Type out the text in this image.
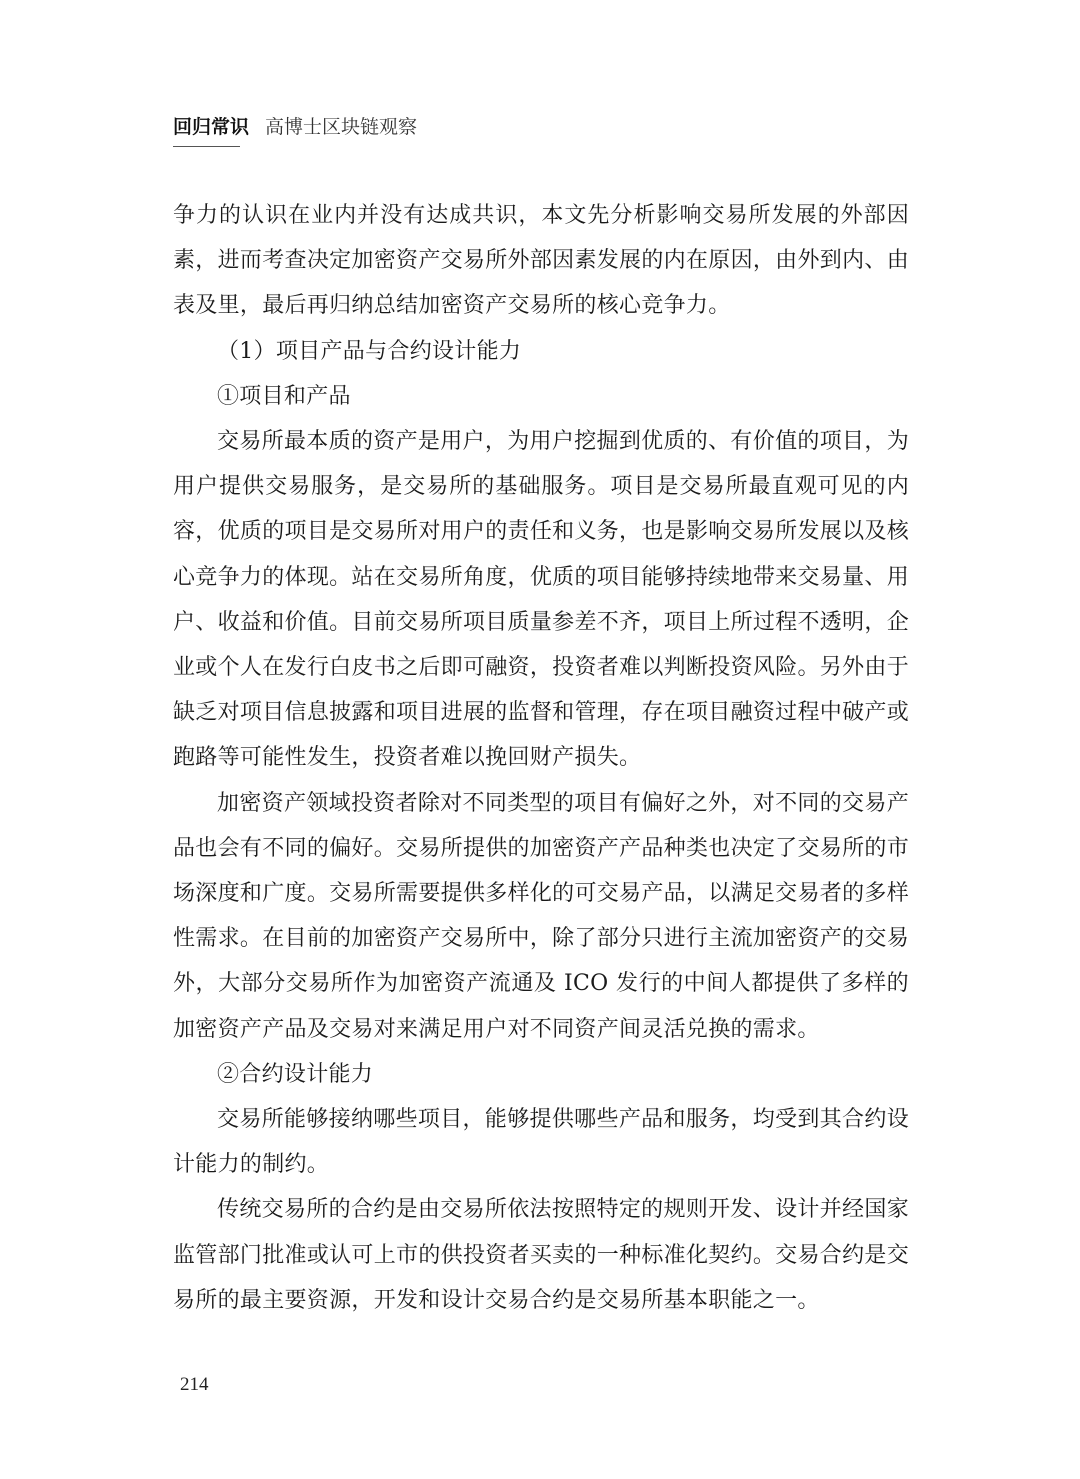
回归常识 高博士区块链观察

争力的认识在业内并没有达成共识，本文先分析影响交易所发展的外部因素，进而考查决定加密资产交易所外部因素发展的内在原因，由外到内、由表及里，最后再归纳总结加密资产交易所的核心竞争力。

（1）项目产品与合约设计能力

①项目和产品

交易所最本质的资产是用户，为用户挖掘到优质的、有价值的项目，为用户提供交易服务，是交易所的基础服务。项目是交易所最直观可见的内容，优质的项目是交易所对用户的责任和义务，也是影响交易所发展以及核心竞争力的体现。站在交易所角度，优质的项目能够持续地带来交易量、用户、收益和价值。目前交易所项目质量参差不齐，项目上所过程不透明，企业或个人在发行白皮书之后即可融资，投资者难以判断投资风险。另外由于缺乏对项目信息披露和项目进展的监督和管理，存在项目融资过程中破产或跑路等可能性发生，投资者难以挽回财产损失。

加密资产领域投资者除对不同类型的项目有偏好之外，对不同的交易产品也会有不同的偏好。交易所提供的加密资产产品种类也决定了交易所的市场深度和广度。交易所需要提供多样化的可交易产品，以满足交易者的多样性需求。在目前的加密资产交易所中，除了部分只进行主流加密资产的交易外，大部分交易所作为加密资产流通及 ICO 发行的中间人都提供了多样的加密资产产品及交易对来满足用户对不同资产间灵活兑换的需求。

②合约设计能力

交易所能够接纳哪些项目，能够提供哪些产品和服务，均受到其合约设计能力的制约。

传统交易所的合约是由交易所依法按照特定的规则开发、设计并经国家监管部门批准或认可上市的供投资者买卖的一种标准化契约。交易合约是交易所的最主要资源，开发和设计交易合约是交易所基本职能之一。

214
